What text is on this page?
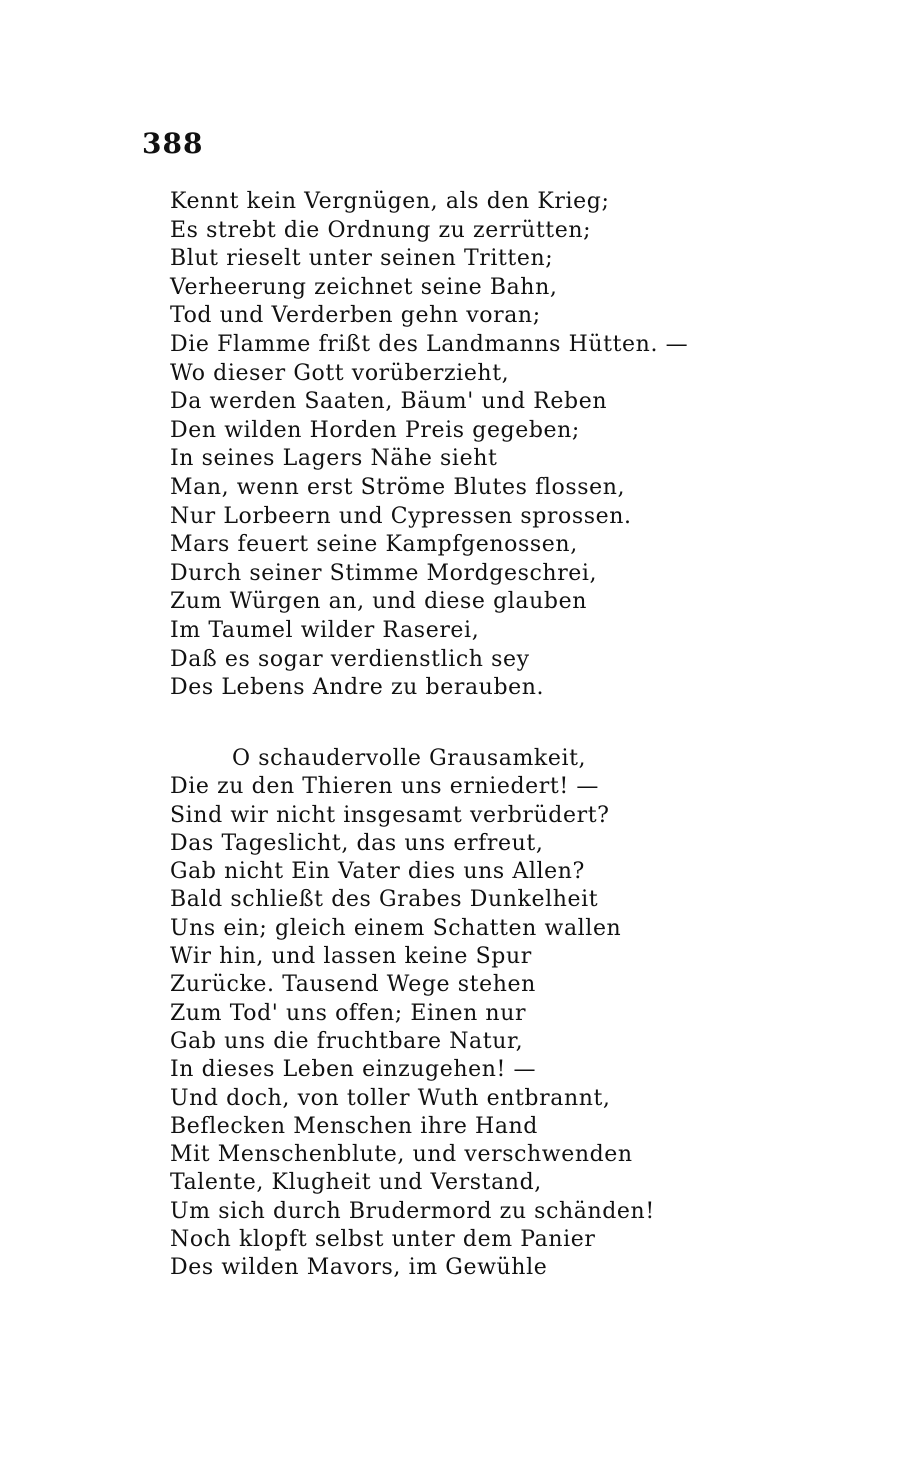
388
Kennt kein Vergnügen, als den Krieg;
Es strebt die Ordnung zu zerrütten;
Blut rieselt unter seinen Tritten;
Verheerung zeichnet seine Bahn,
Tod und Verderben gehn voran;
Die Flamme frißt des Landmanns Hütten. —
Wo dieser Gott vorüberzieht,
Da werden Saaten, Bäum' und Reben
Den wilden Horden Preis gegeben;
In seines Lagers Nähe sieht
Man, wenn erst Ströme Blutes flossen,
Nur Lorbeern und Cypressen sprossen.
Mars feuert seine Kampfgenossen,
Durch seiner Stimme Mordgeschrei,
Zum Würgen an, und diese glauben
Im Taumel wilder Raserei,
Daß es sogar verdienstlich sey
Des Lebens Andre zu berauben.
O schaudervolle Grausamkeit,
Die zu den Thieren uns erniedert! —
Sind wir nicht insgesamt verbrüdert?
Das Tageslicht, das uns erfreut,
Gab nicht Ein Vater dies uns Allen?
Bald schließt des Grabes Dunkelheit
Uns ein; gleich einem Schatten wallen
Wir hin, und lassen keine Spur
Zurücke. Tausend Wege stehen
Zum Tod' uns offen; Einen nur
Gab uns die fruchtbare Natur,
In dieses Leben einzugehen! —
Und doch, von toller Wuth entbrannt,
Beflecken Menschen ihre Hand
Mit Menschenblute, und verschwenden
Talente, Klugheit und Verstand,
Um sich durch Brudermord zu schänden!
Noch klopft selbst unter dem Panier
Des wilden Mavors, im Gewühle
